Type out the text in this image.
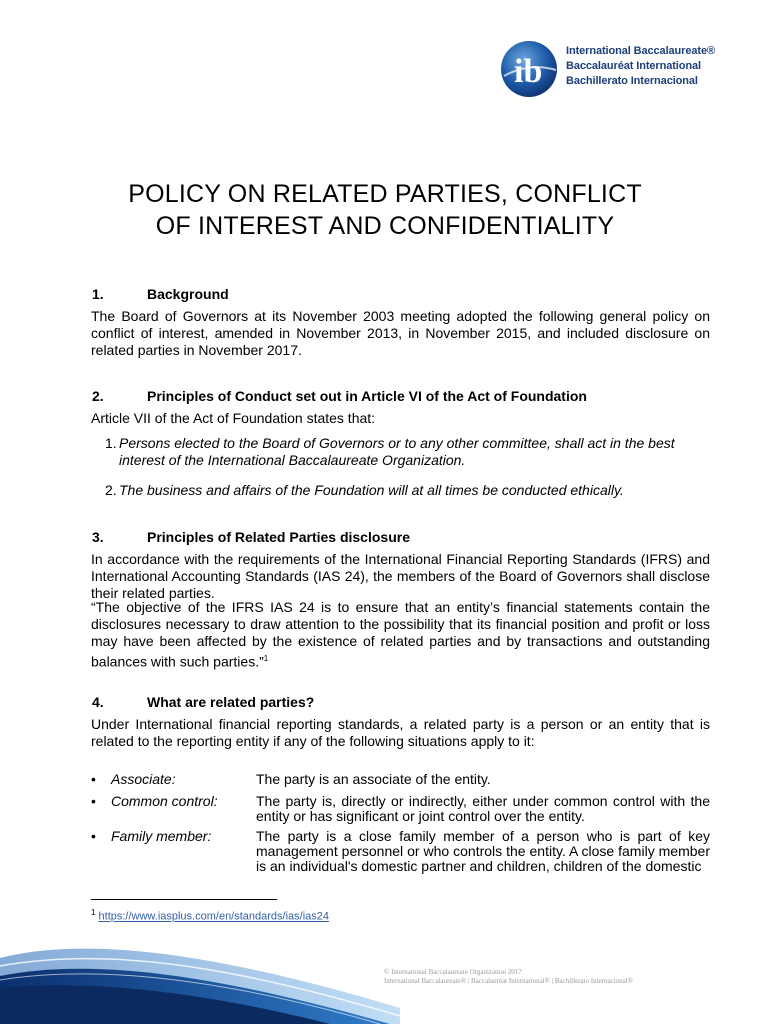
ib
International Baccalaureate®
Baccalauréat International
Bachillerato Internacional
POLICY ON RELATED PARTIES, CONFLICT
OF INTEREST AND CONFIDENTIALITY
1.	Background
The Board of Governors at its November 2003 meeting adopted the following general policy on conflict of interest, amended in November 2013, in November 2015, and included disclosure on related parties in November 2017.
2.	Principles of Conduct set out in Article VI of the Act of Foundation
Article VII of the Act of Foundation states that:
1. Persons elected to the Board of Governors or to any other committee, shall act in the best
interest of the International Baccalaureate Organization.
2. The business and affairs of the Foundation will at all times be conducted ethically.
3.	Principles of Related Parties disclosure
In accordance with the requirements of the International Financial Reporting Standards (IFRS) and International Accounting Standards (IAS 24), the members of the Board of Governors shall disclose their related parties.
“The objective of the IFRS IAS 24 is to ensure that an entity’s financial statements contain the disclosures necessary to draw attention to the possibility that its financial position and profit or loss may have been affected by the existence of related parties and by transactions and outstanding balances with such parties.”$^1$
4.	What are related parties?
Under International financial reporting standards, a related party is a person or an entity that is related to the reporting entity if any of the following situations apply to it:
•	Associate:	The party is an associate of the entity.
•	Common control:	The party is, directly or indirectly, either under common control with the entity or has significant or joint control over the entity.
•	Family member:	The party is a close family member of a person who is part of key management personnel or who controls the entity. A close family member is an individual's domestic partner and children, children of the domestic
$^1$ https://www.iasplus.com/en/standards/ias/ias24
© International Baccalaureate Organization 2017
International Baccalaureate® | Baccalauréat International® | Bachillerato Internacional®
